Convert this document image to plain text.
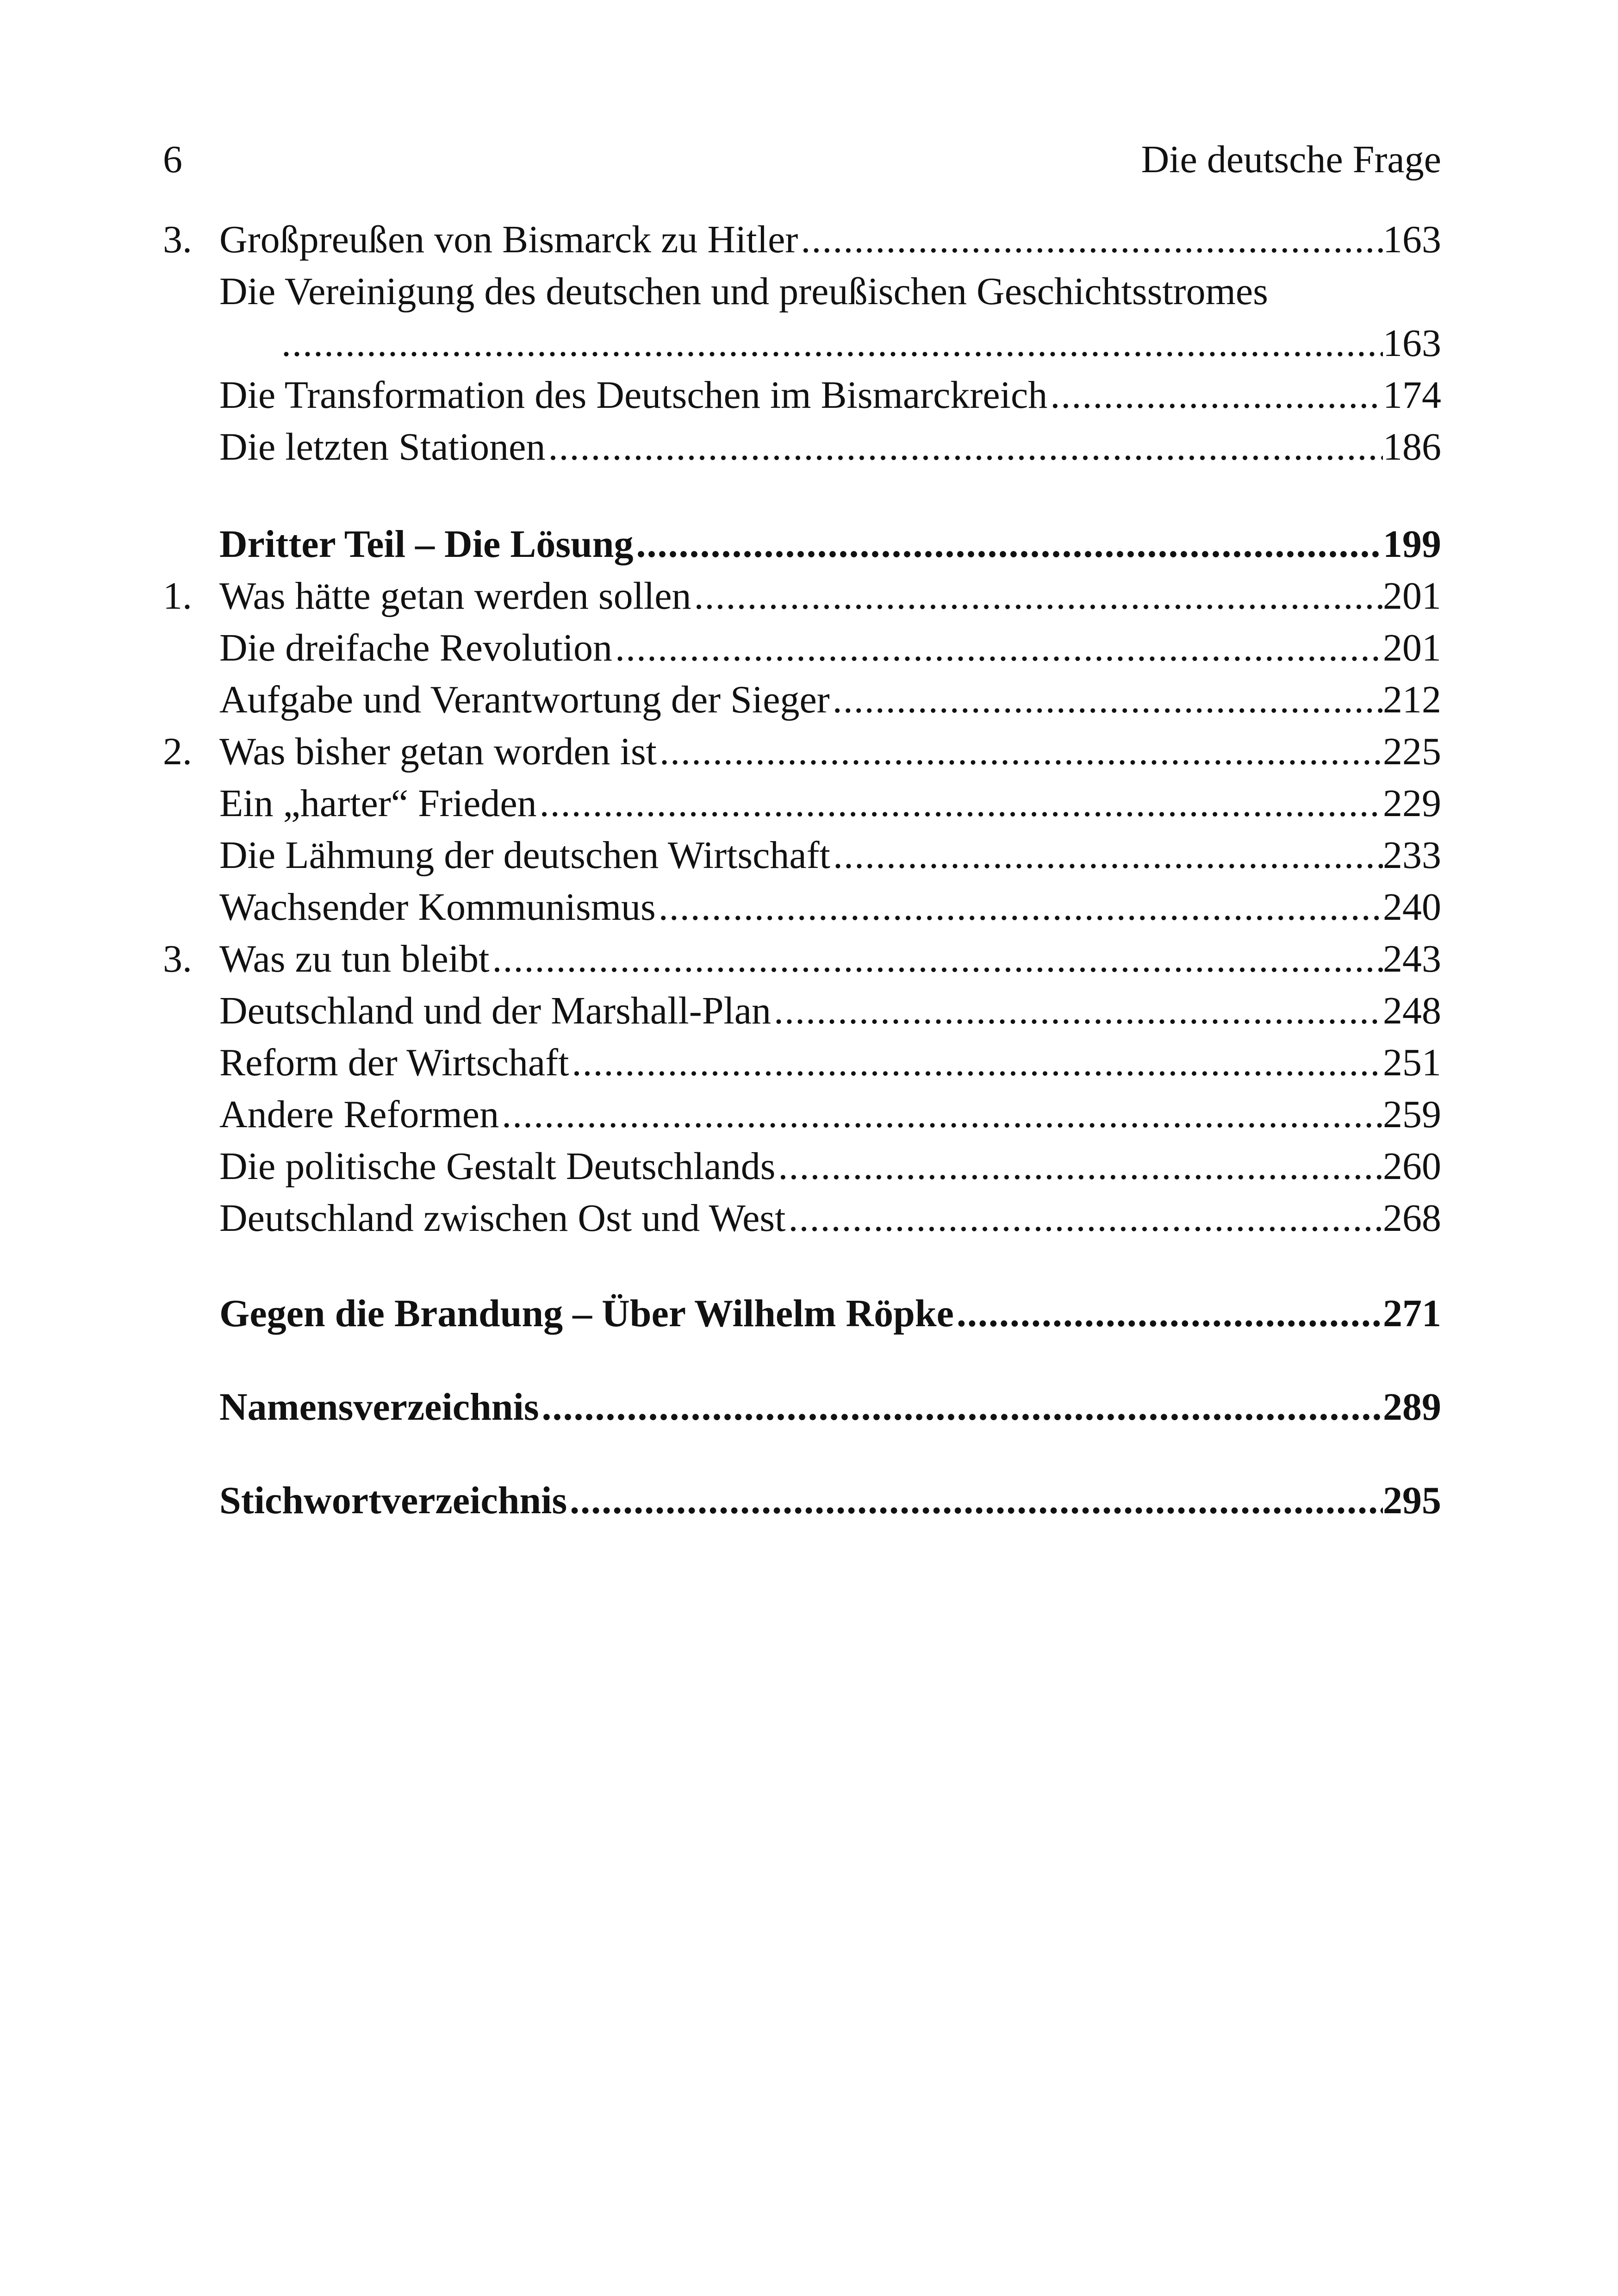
6	Die deutsche Frage
3. Großpreußen von Bismarck zu Hitler .....	163
Die Vereinigung des deutschen und preußischen Geschichtsstromes
.....
163
Die Transformation des Deutschen im Bismarckreich .....	174
Die letzten Stationen .....	186
Dritter Teil – Die Lösung .....	199
1. Was hätte getan werden sollen .....	201
Die dreifache Revolution .....	201
Aufgabe und Verantwortung der Sieger .....	212
2. Was bisher getan worden ist .....	225
Ein „harter“ Frieden .....	229
Die Lähmung der deutschen Wirtschaft .....	233
Wachsender Kommunismus .....	240
3. Was zu tun bleibt .....	243
Deutschland und der Marshall-Plan .....	248
Reform der Wirtschaft .....	251
Andere Reformen .....	259
Die politische Gestalt Deutschlands .....	260
Deutschland zwischen Ost und West .....	268
Gegen die Brandung – Über Wilhelm Röpke .....	271
Namensverzeichnis .....	289
Stichwortverzeichnis .....	295
